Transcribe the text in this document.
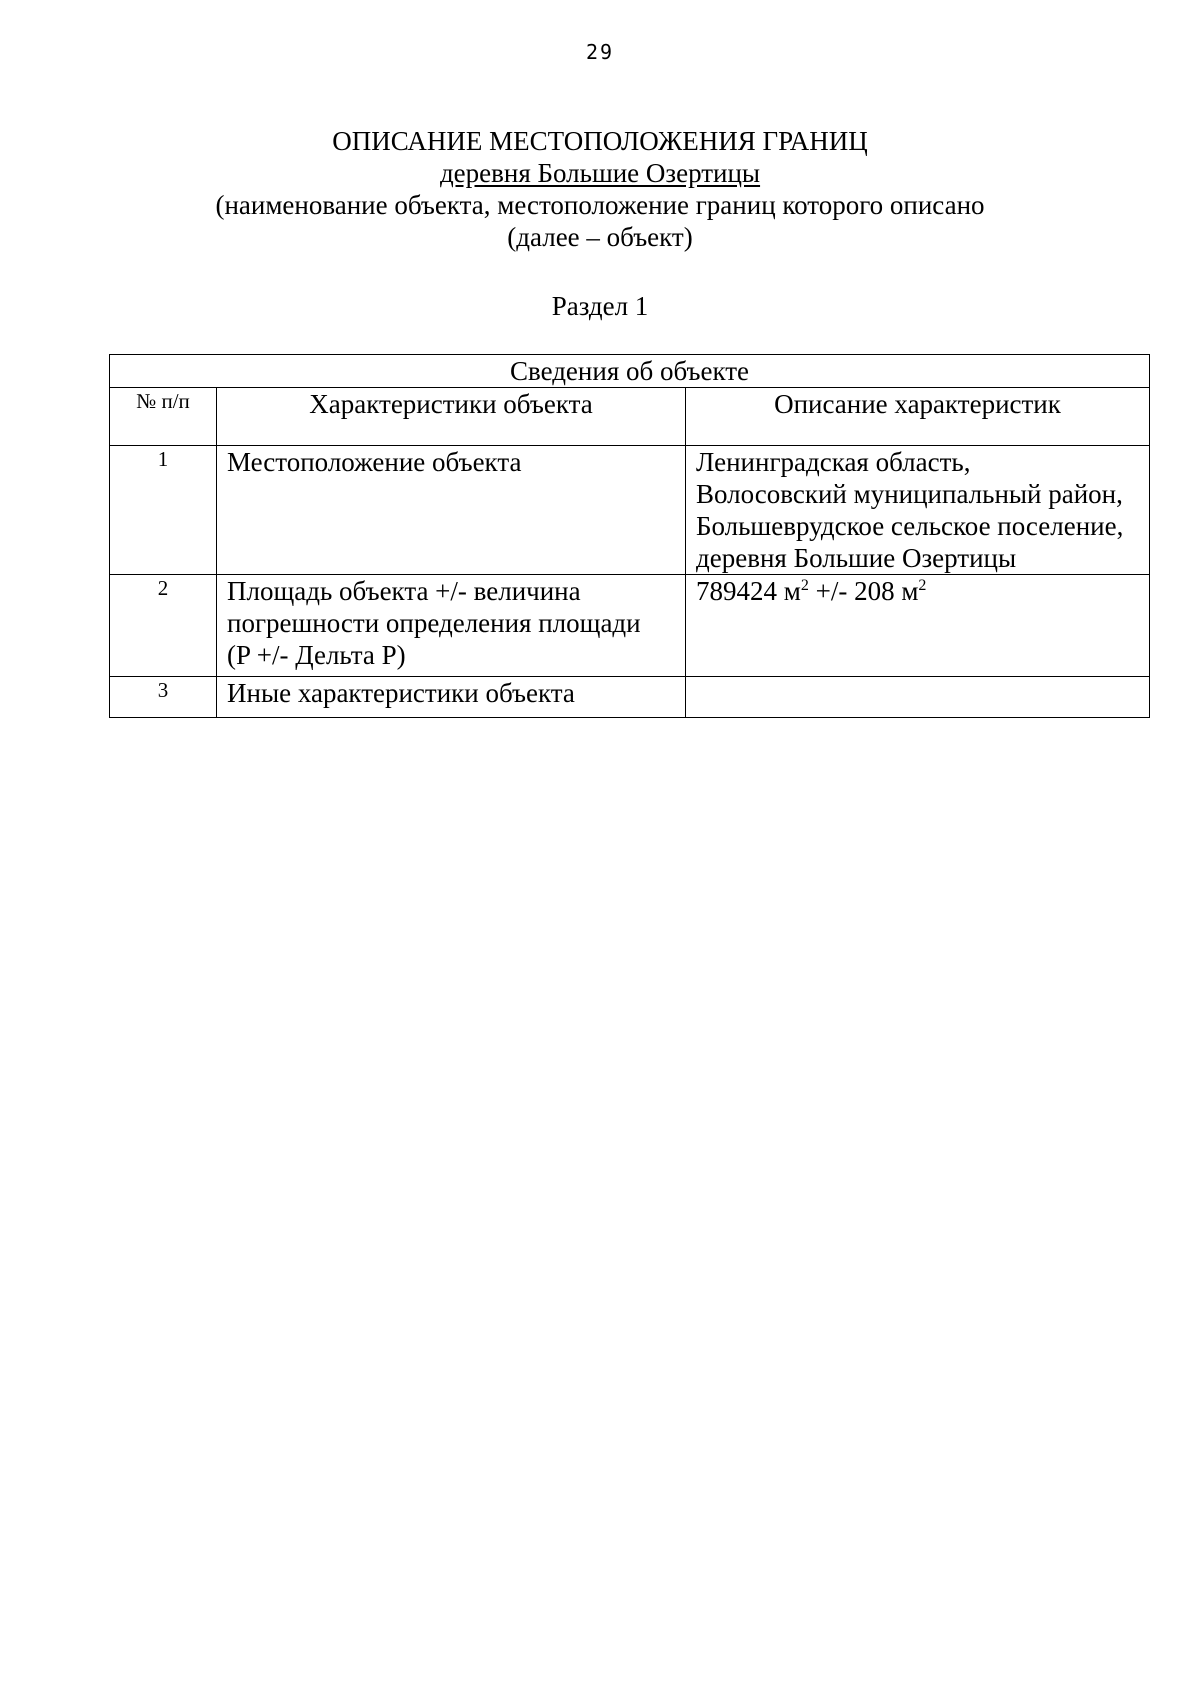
29
ОПИСАНИЕ МЕСТОПОЛОЖЕНИЯ ГРАНИЦ
деревня Большие Озертицы
(наименование объекта, местоположение границ которого описано
(далее – объект)
Раздел 1
Сведения об объекте		
№ п/п	Характеристики объекта	Описание характеристик
1	Местоположение объекта	Ленинградская область,
Волосовский муниципальный район,
Большеврудское сельское поселение,
деревня Большие Озертицы

2	Площадь объекта +/- величина
погрешности определения площади
(P +/- Дельта P)	789424 $м^2$ +/- 208 $м^2$
3	Иные характеристики объекта	
